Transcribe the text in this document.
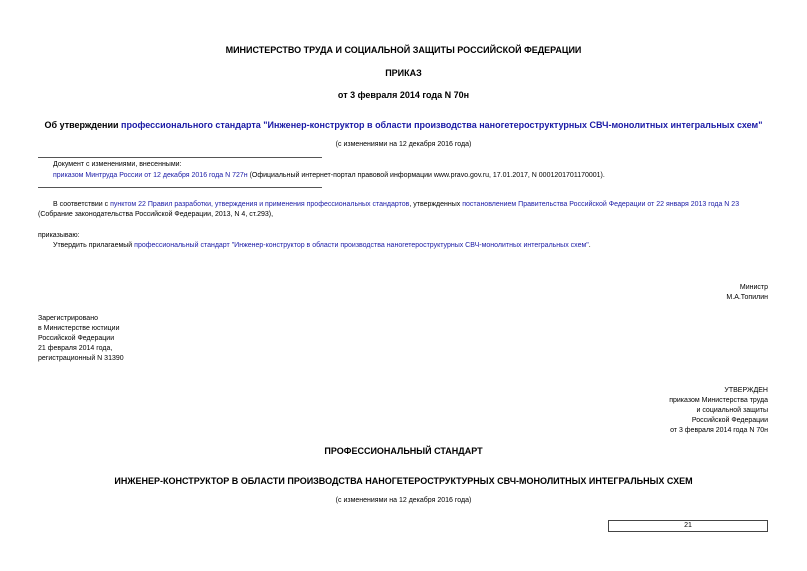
МИНИСТЕРСТВО ТРУДА И СОЦИАЛЬНОЙ ЗАЩИТЫ РОССИЙСКОЙ ФЕДЕРАЦИИ
ПРИКАЗ
от 3 февраля 2014 года N 70н
Об утверждении профессионального стандарта "Инженер-конструктор в области производства наногетероструктурных СВЧ-монолитных интегральных схем"
(с изменениями на 12 декабря 2016 года)
Документ с изменениями, внесенными:
приказом Минтруда России от 12 декабря 2016 года N 727н (Официальный интернет-портал правовой информации www.pravo.gov.ru, 17.01.2017, N 0001201701170001).
В соответствии с пунктом 22 Правил разработки, утверждения и применения профессиональных стандартов, утвержденных постановлением Правительства Российской Федерации от 22 января 2013 года N 23
(Собрание законодательства Российской Федерации, 2013, N 4, ст.293),
приказываю:
Утвердить прилагаемый профессиональный стандарт "Инженер-конструктор в области производства наногетероструктурных СВЧ-монолитных интегральных схем".
Министр
М.А.Топилин
Зарегистрировано
в Министерстве юстиции
Российской Федерации
21 февраля 2014 года,
регистрационный N 31390
УТВЕРЖДЕН
приказом Министерства труда
и социальной защиты
Российской Федерации
от 3 февраля 2014 года N 70н
ПРОФЕССИОНАЛЬНЫЙ СТАНДАРТ
ИНЖЕНЕР-КОНСТРУКТОР В ОБЛАСТИ ПРОИЗВОДСТВА НАНОГЕТЕРОСТРУКТУРНЫХ СВЧ-МОНОЛИТНЫХ ИНТЕГРАЛЬНЫХ СХЕМ
(с изменениями на 12 декабря 2016 года)
21
